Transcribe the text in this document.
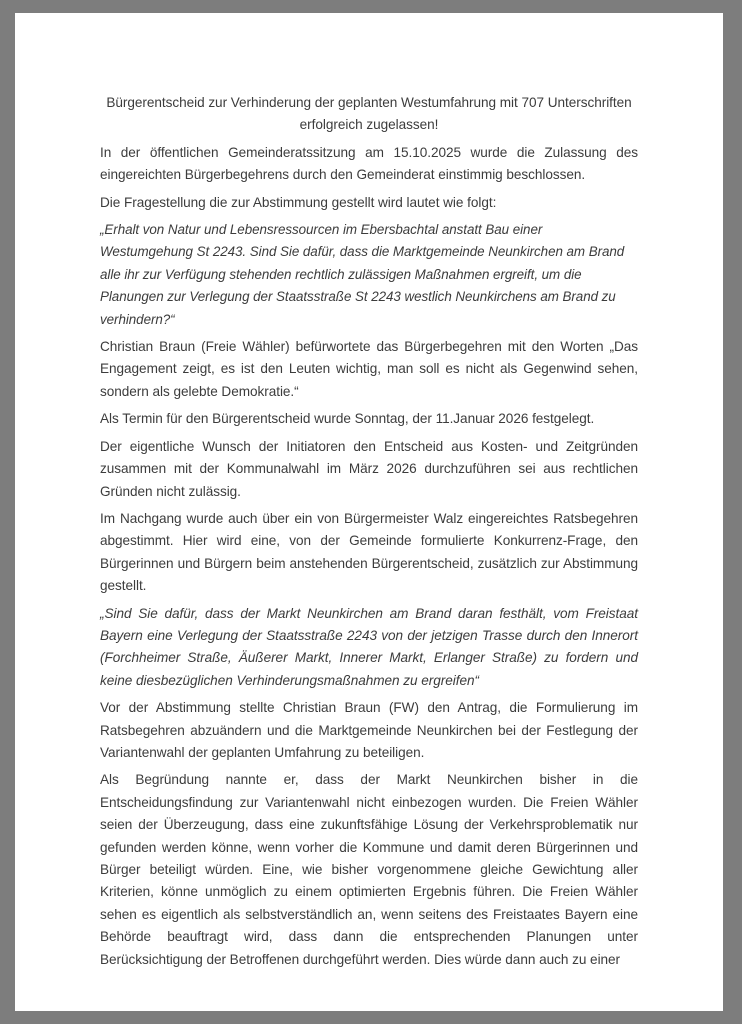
Bürgerentscheid zur Verhinderung der geplanten Westumfahrung mit 707 Unterschriften
erfolgreich zugelassen!

In der öffentlichen Gemeinderatssitzung am 15.10.2025 wurde die Zulassung des eingereichten Bürgerbegehrens durch den Gemeinderat einstimmig beschlossen.

Die Fragestellung die zur Abstimmung gestellt wird lautet wie folgt:

„Erhalt von Natur und Lebensressourcen im Ebersbachtal anstatt Bau einer
Westumgehung St 2243. Sind Sie dafür, dass die Marktgemeinde Neunkirchen am Brand
alle ihr zur Verfügung stehenden rechtlich zulässigen Maßnahmen ergreift, um die
Planungen zur Verlegung der Staatsstraße St 2243 westlich Neunkirchens am Brand zu
verhindern?“

Christian Braun (Freie Wähler) befürwortete das Bürgerbegehren mit den Worten „Das Engagement zeigt, es ist den Leuten wichtig, man soll es nicht als Gegenwind sehen, sondern als gelebte Demokratie.“

Als Termin für den Bürgerentscheid wurde Sonntag, der 11.Januar 2026 festgelegt.

Der eigentliche Wunsch der Initiatoren den Entscheid aus Kosten- und Zeitgründen zusammen mit der Kommunalwahl im März 2026 durchzuführen sei aus rechtlichen Gründen nicht zulässig.

Im Nachgang wurde auch über ein von Bürgermeister Walz eingereichtes Ratsbegehren abgestimmt. Hier wird eine, von der Gemeinde formulierte Konkurrenz-Frage, den Bürgerinnen und Bürgern beim anstehenden Bürgerentscheid, zusätzlich zur Abstimmung gestellt.

„Sind Sie dafür, dass der Markt Neunkirchen am Brand daran festhält, vom Freistaat Bayern eine Verlegung der Staatsstraße 2243 von der jetzigen Trasse durch den Innerort (Forchheimer Straße, Äußerer Markt, Innerer Markt, Erlanger Straße) zu fordern und keine diesbezüglichen Verhinderungsmaßnahmen zu ergreifen“

Vor der Abstimmung stellte Christian Braun (FW) den Antrag, die Formulierung im Ratsbegehren abzuändern und die Marktgemeinde Neunkirchen bei der Festlegung der Variantenwahl der geplanten Umfahrung zu beteiligen.

Als Begründung nannte er, dass der Markt Neunkirchen bisher in die Entscheidungsfindung zur Variantenwahl nicht einbezogen wurden. Die Freien Wähler seien der Überzeugung, dass eine zukunftsfähige Lösung der Verkehrsproblematik nur gefunden werden könne, wenn vorher die Kommune und damit deren Bürgerinnen und Bürger beteiligt würden. Eine, wie bisher vorgenommene gleiche Gewichtung aller Kriterien, könne unmöglich zu einem optimierten Ergebnis führen. Die Freien Wähler sehen es eigentlich als selbstverständlich an, wenn seitens des Freistaates Bayern eine Behörde beauftragt wird, dass dann die entsprechenden Planungen unter Berücksichtigung der Betroffenen durchgeführt werden. Dies würde dann auch zu einer
